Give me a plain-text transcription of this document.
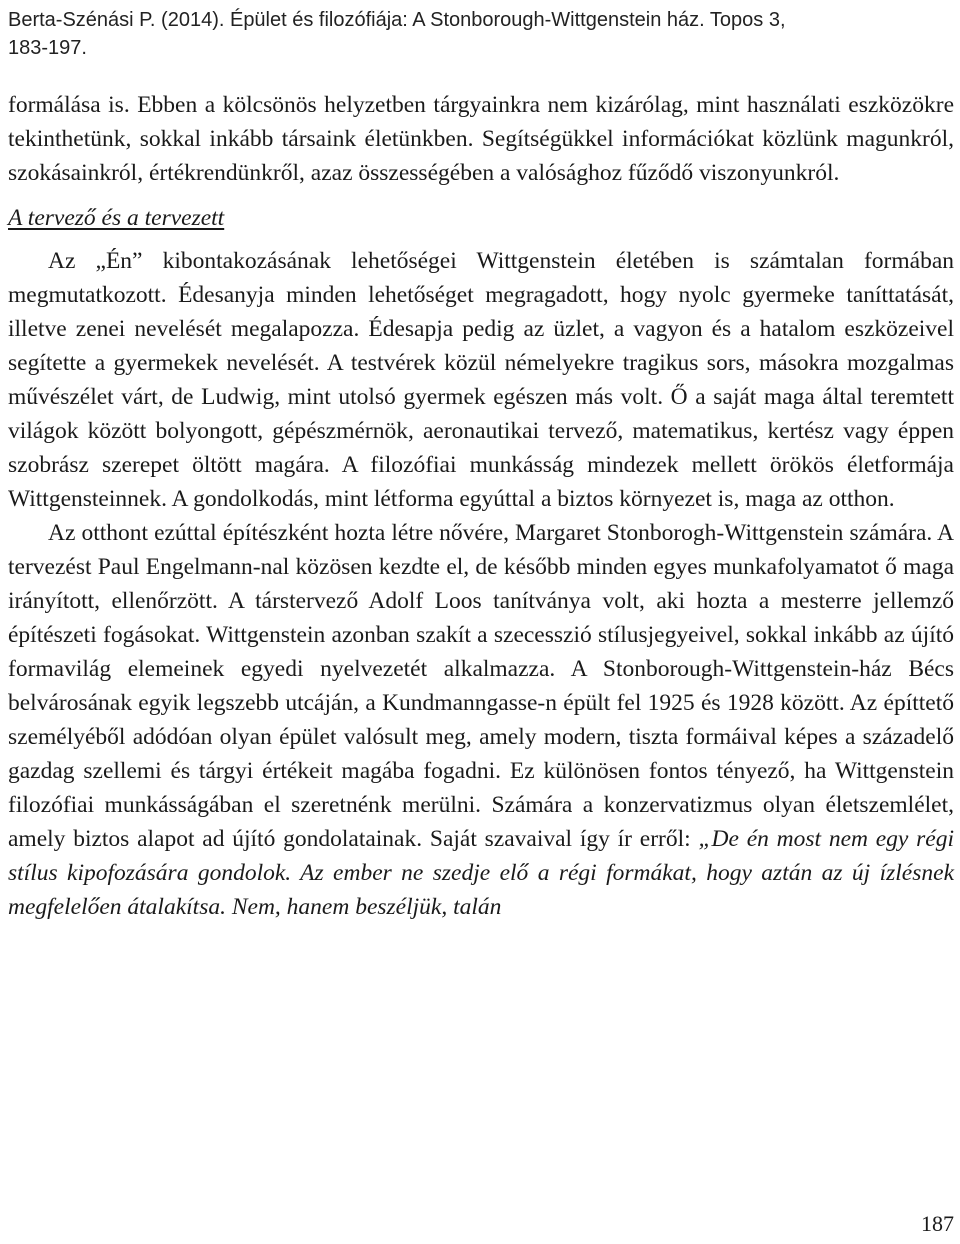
Berta-Szénási P. (2014). Épület és filozófiája: A Stonborough-Wittgenstein ház. Topos 3,
183-197.

formálása is. Ebben a kölcsönös helyzetben tárgyainkra nem kizárólag, mint használati eszközökre tekinthetünk, sokkal inkább társaink életünkben. Segítségükkel információkat közlünk magunkról, szokásainkról, értékrendünkről, azaz összességében a valósághoz fűződő viszonyunkról.

A tervező és a tervezett

Az „Én” kibontakozásának lehetőségei Wittgenstein életében is számtalan formában megmutatkozott. Édesanyja minden lehetőséget megragadott, hogy nyolc gyermeke taníttatását, illetve zenei nevelését megalapozza. Édesapja pedig az üzlet, a vagyon és a hatalom eszközeivel segítette a gyermekek nevelését. A testvérek közül némelyekre tragikus sors, másokra mozgalmas művészélet várt, de Ludwig, mint utolsó gyermek egészen más volt. Ő a saját maga által teremtett világok között bolyongott, gépészmérnök, aeronautikai tervező, matematikus, kertész vagy éppen szobrász szerepet öltött magára. A filozófiai munkásság mindezek mellett örökös életformája Wittgensteinnek. A gondolkodás, mint létforma egyúttal a biztos környezet is, maga az otthon.

Az otthont ezúttal építészként hozta létre nővére, Margaret Stonborogh-Wittgenstein számára. A tervezést Paul Engelmann-nal közösen kezdte el, de később minden egyes munkafolyamatot ő maga irányított, ellenőrzött. A társtervező Adolf Loos tanítványa volt, aki hozta a mesterre jellemző építészeti fogásokat. Wittgenstein azonban szakít a szecesszió stílusjegyeivel, sokkal inkább az újító formavilág elemeinek egyedi nyelvezetét alkalmazza. A Stonborough-Wittgenstein-ház Bécs belvárosának egyik legszebb utcáján, a Kundmanngasse-n épült fel 1925 és 1928 között. Az építtető személyéből adódóan olyan épület valósult meg, amely modern, tiszta formáival képes a századelő gazdag szellemi és tárgyi értékeit magába fogadni. Ez különösen fontos tényező, ha Wittgenstein filozófiai munkásságában el szeretnénk merülni. Számára a konzervatizmus olyan életszemlélet, amely biztos alapot ad újító gondolatainak. Saját szavaival így ír erről: „De én most nem egy régi stílus kipofozására gondolok. Az ember ne szedje elő a régi formákat, hogy aztán az új ízlésnek megfelelően átalakítsa. Nem, hanem beszéljük, talán

187
